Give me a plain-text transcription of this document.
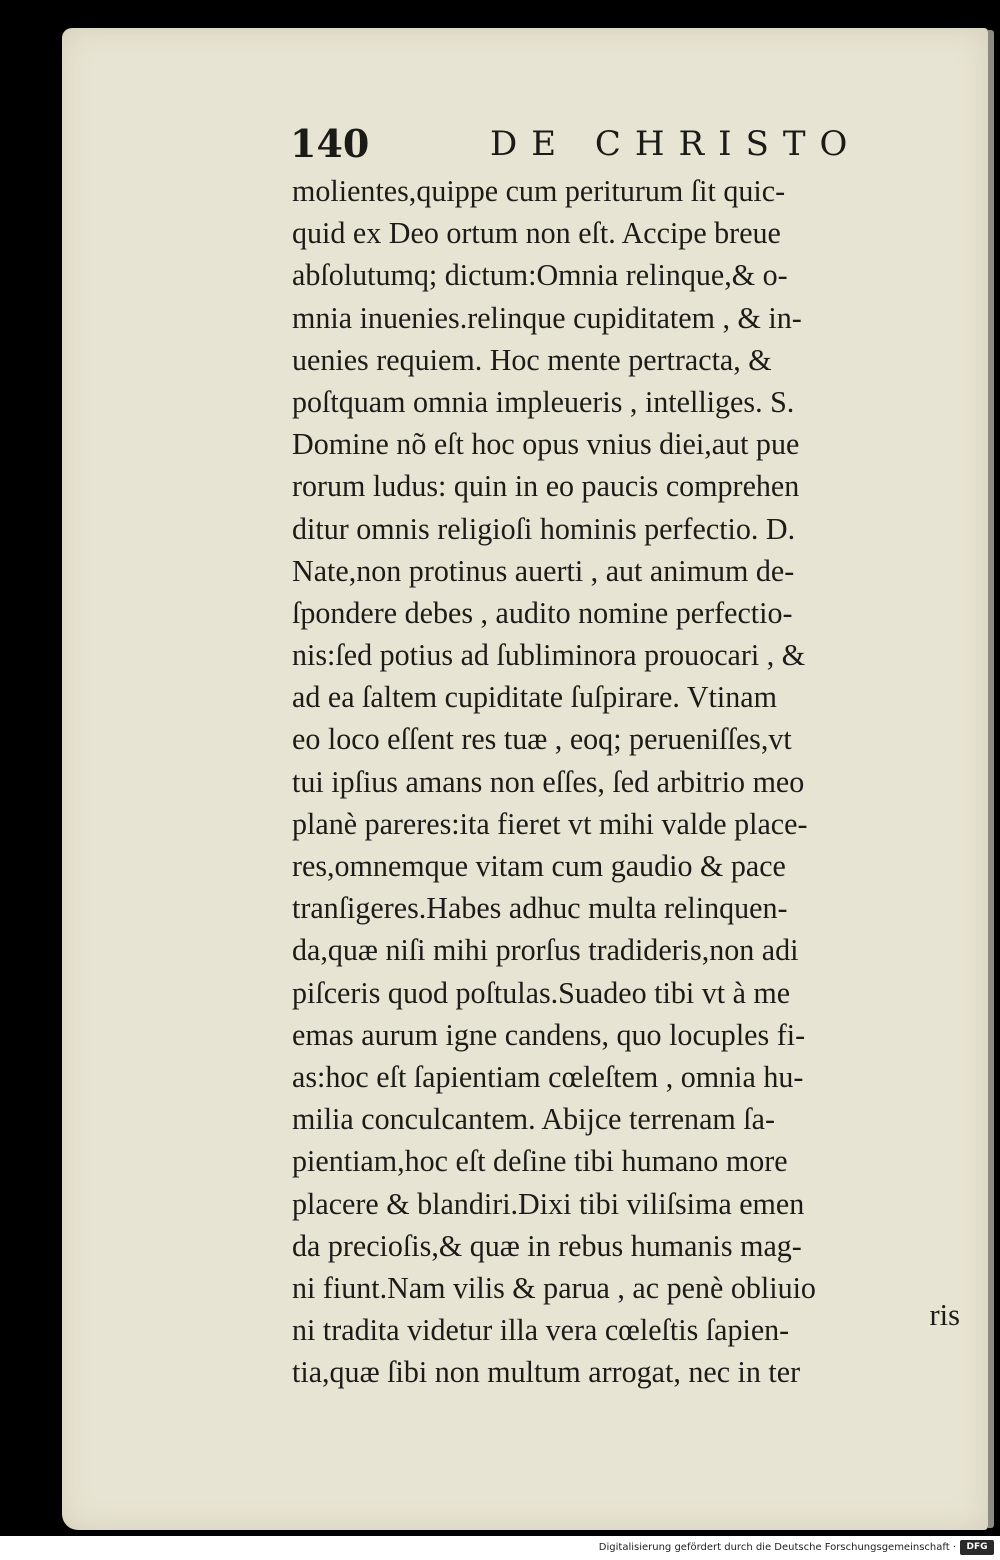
140	DE CHRISTO
molientes,quippe cum periturum ſit quic-
quid ex Deo ortum non eſt. Accipe breue
abſolutumq; dictum:Omnia relinque,& o-
mnia inuenies.relinque cupiditatem , & in-
uenies requiem. Hoc mente pertracta, &
poſtquam omnia impleueris , intelliges. S.
Domine nõ eſt hoc opus vnius diei,aut pue
rorum ludus: quin in eo paucis comprehen
ditur omnis religioſi hominis perfectio. D.
Nate,non protinus auerti , aut animum de-
ſpondere debes , audito nomine perfectio-
nis:ſed potius ad ſubliminora prouocari , &
ad ea ſaltem cupiditate ſuſpirare. Vtinam
eo loco eſſent res tuæ , eoq; perueniſſes,vt
tui ipſius amans non eſſes, ſed arbitrio meo
planè pareres:ita fieret vt mihi valde place-
res,omnemque vitam cum gaudio & pace
tranſigeres.Habes adhuc multa relinquen-
da,quæ niſi mihi prorſus tradideris,non adi
piſceris quod poſtulas.Suadeo tibi vt à me
emas aurum igne candens, quo locuples fi-
as:hoc eſt ſapientiam cœleſtem , omnia hu-
milia conculcantem. Abijce terrenam ſa-
pientiam,hoc eſt deſine tibi humano more
placere & blandiri.Dixi tibi viliſsima emen
da precioſis,& quæ in rebus humanis mag-
ni fiunt.Nam vilis & parua , ac penè obliuio
ni tradita videtur illa vera cœleſtis ſapien-
tia,quæ ſibi non multum arrogat, nec in ter
ris
Digitalisierung gefördert durch die Deutsche Forschungsgemeinschaft ·	DFG
